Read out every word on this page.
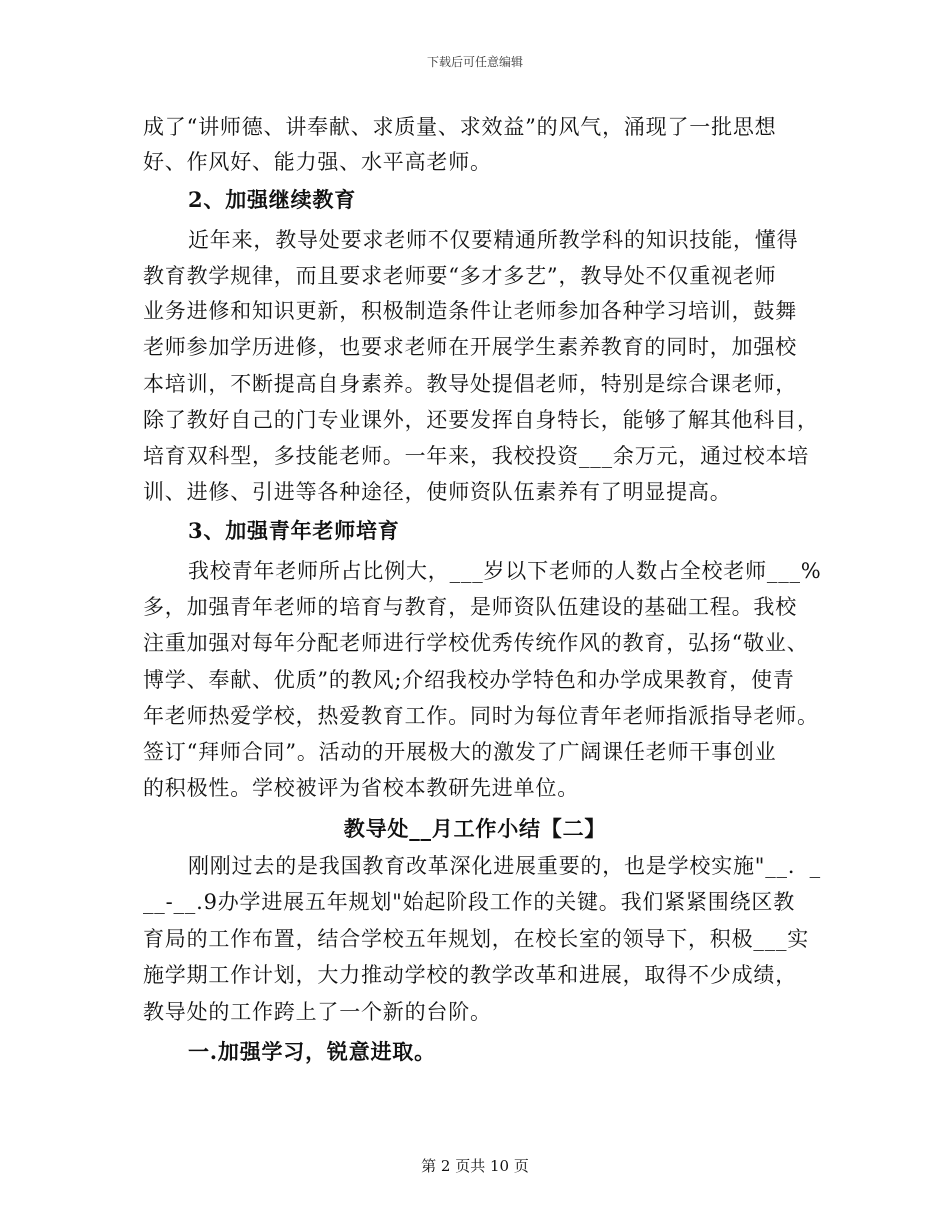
下载后可任意编辑
成了“讲师德、讲奉献、求质量、求效益”的风气，涌现了一批思想
好、作风好、能力强、水平高老师。
2、加强继续教育
近年来，教导处要求老师不仅要精通所教学科的知识技能，懂得
教育教学规律，而且要求老师要“多才多艺”，教导处不仅重视老师
业务进修和知识更新，积极制造条件让老师参加各种学习培训，鼓舞
老师参加学历进修，也要求老师在开展学生素养教育的同时，加强校
本培训，不断提高自身素养。教导处提倡老师，特别是综合课老师，
除了教好自己的门专业课外，还要发挥自身特长，能够了解其他科目，
培育双科型，多技能老师。一年来，我校投资___余万元，通过校本培
训、进修、引进等各种途径，使师资队伍素养有了明显提高。
3、加强青年老师培育
我校青年老师所占比例大，___岁以下老师的人数占全校老师___%
多，加强青年老师的培育与教育，是师资队伍建设的基础工程。我校
注重加强对每年分配老师进行学校优秀传统作风的教育，弘扬“敬业、
博学、奉献、优质”的教风;介绍我校办学特色和办学成果教育，使青
年老师热爱学校，热爱教育工作。同时为每位青年老师指派指导老师。
签订“拜师合同”。活动的开展极大的激发了广阔课任老师干事创业
的积极性。学校被评为省校本教研先进单位。
教导处__月工作小结【二】
刚刚过去的是我国教育改革深化进展重要的，也是学校实施"__．_
__-__.9办学进展五年规划"始起阶段工作的关键。我们紧紧围绕区教
育局的工作布置，结合学校五年规划，在校长室的领导下，积极___实
施学期工作计划，大力推动学校的教学改革和进展，取得不少成绩，
教导处的工作跨上了一个新的台阶。
一.加强学习，锐意进取。
第 2 页共 10 页
